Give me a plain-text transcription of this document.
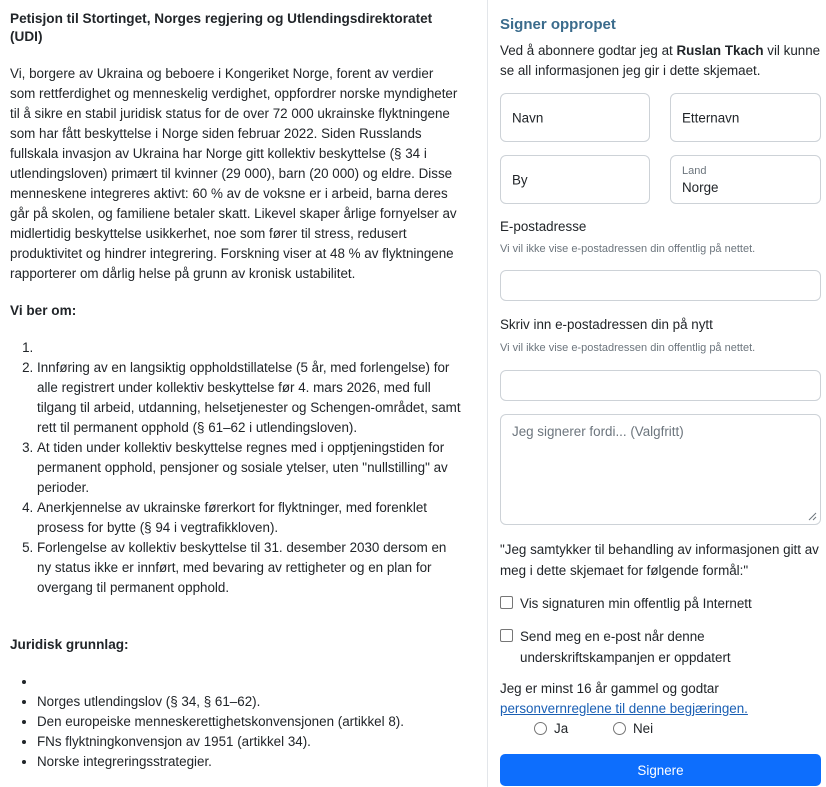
Petisjon til Stortinget, Norges regjering og Utlendingsdirektoratet (UDI)

Vi, borgere av Ukraina og beboere i Kongeriket Norge, forent av verdier som rettferdighet og menneskelig verdighet, oppfordrer norske myndigheter til å sikre en stabil juridisk status for de over 72 000 ukrainske flyktningene som har fått beskyttelse i Norge siden februar 2022. Siden Russlands fullskala invasjon av Ukraina har Norge gitt kollektiv beskyttelse (§ 34 i utlendingsloven) primært til kvinner (29 000), barn (20 000) og eldre. Disse menneskene integreres aktivt: 60 % av de voksne er i arbeid, barna deres går på skolen, og familiene betaler skatt. Likevel skaper årlige fornyelser av midlertidig beskyttelse usikkerhet, noe som fører til stress, redusert produktivitet og hindrer integrering. Forskning viser at 48 % av flyktningene rapporterer om dårlig helse på grunn av kronisk ustabilitet.

Vi ber om:
1.
2. Innføring av en langsiktig oppholdstillatelse (5 år, med forlengelse) for alle registrert under kollektiv beskyttelse før 4. mars 2026, med full tilgang til arbeid, utdanning, helsetjenester og Schengen-området, samt rett til permanent opphold (§ 61–62 i utlendingsloven).
3. At tiden under kollektiv beskyttelse regnes med i opptjeningstiden for permanent opphold, pensjoner og sosiale ytelser, uten "nullstilling" av perioder.
4. Anerkjennelse av ukrainske førerkort for flyktninger, med forenklet prosess for bytte (§ 94 i vegtrafikkloven).
5. Forlengelse av kollektiv beskyttelse til 31. desember 2030 dersom en ny status ikke er innført, med bevaring av rettigheter og en plan for overgang til permanent opphold.
Juridisk grunnlag:
•
• Norges utlendingslov (§ 34, § 61–62).
• Den europeiske menneskerettighetskonvensjonen (artikkel 8).
• FNs flyktningkonvensjon av 1951 (artikkel 34).
• Norske integreringsstrategier.
Signer oppropet
Ved å abonnere godtar jeg at Ruslan Tkach vil kunne se all informasjonen jeg gir i dette skjemaet.
Navn	Etternavn
By
Land
Norge
E-postadresse
Vi vil ikke vise e-postadressen din offentlig på nettet.
Skriv inn e-postadressen din på nytt
Vi vil ikke vise e-postadressen din offentlig på nettet.
Jeg signerer fordi... (Valgfritt)
"Jeg samtykker til behandling av informasjonen gitt av meg i dette skjemaet for følgende formål:"
Vis signaturen min offentlig på Internett
Send meg en e-post når denne underskriftskampanjen er oppdatert
Jeg er minst 16 år gammel og godtar
personvernreglene til denne begjæringen.
Ja	Nei
Signere
